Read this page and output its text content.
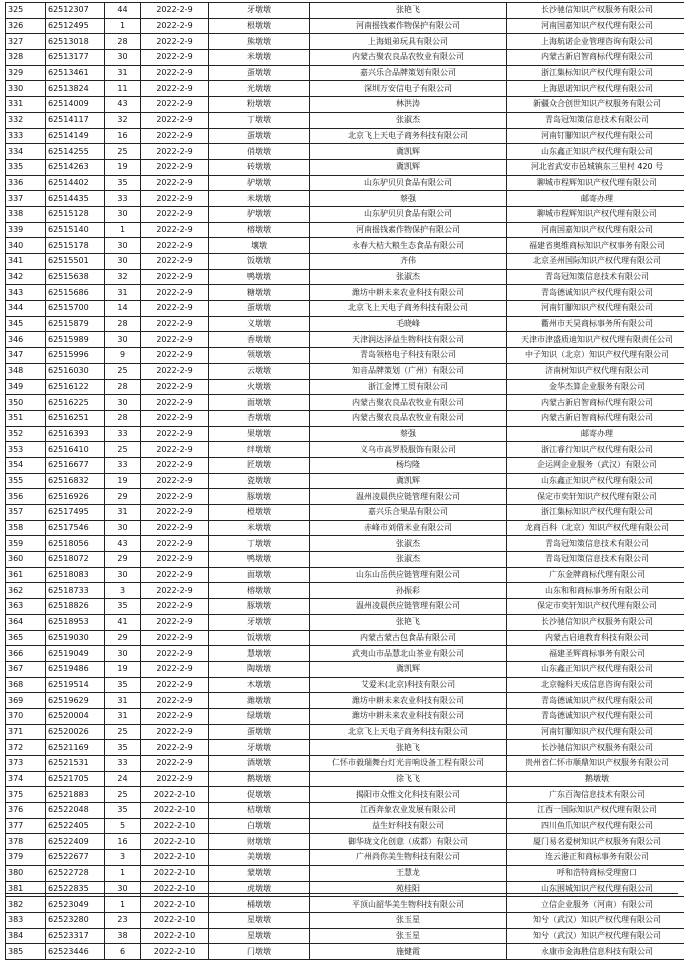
325	62512307	44	2022-2-9	牙墩墩	张艳飞	长沙驰信知识产权服务有限公司
326	62512495	1	2022-2-9	根墩墩	河南摇钱素作物保护有限公司	河南国嘉知识产权代理有限公司
327	62513018	28	2022-2-9	熊墩墩	上海姐弟玩具有限公司	上海航诺企业管理咨询有限公司
328	62513177	30	2022-2-9	米墩墩	内蒙古聚农良品农牧业有限公司	内蒙古新启智商标代理有限公司
329	62513461	31	2022-2-9	蛋墩墩	嘉兴乐合品牌策划有限公司	浙江集标知识产权代理有限公司
330	62513824	11	2022-2-9	光墩墩	深圳万安信电子有限公司	上海恩诺知识产权代理有限公司
331	62514009	43	2022-2-9	粉墩墩	林洪涛	新疆众合创世知识产权服务有限公司
332	62514117	32	2022-2-9	丁墩墩	张淑杰	青岛冠知策信息技术有限公司
333	62514149	16	2022-2-9	蛋墩墩	北京飞上天电子商务科技有限公司	河南钉腳知识产权代理有限公司
334	62514255	25	2022-2-9	俏墩墩	冀凯辉	山东鑫正知识产权代理有限公司
335	62514263	19	2022-2-9	砖墩墩	冀凯辉	河北省武安市邑城镇东三里村 420 号
336	62514402	35	2022-2-9	驴墩墩	山东驴贝贝食品有限公司	聊城市程辉知识产权代理有限公司
337	62514435	33	2022-2-9	米墩墩	蔡强	邮寄办理
338	62515128	30	2022-2-9	驴墩墩	山东驴贝贝食品有限公司	聊城市程辉知识产权代理有限公司
339	62515140	1	2022-2-9	榕墩墩	河南摇钱素作物保护有限公司	河南国嘉知识产权代理有限公司
340	62515178	30	2022-2-9	壤墩	永春大桔大粮生态食品有限公司	福建省奥维商标知识产权事务有限公司
341	62515501	30	2022-2-9	饭墩墩	齐伟	北京圣州国际知识产权代理有限公司
342	62515638	32	2022-2-9	鸭墩墩	张淑杰	青岛冠知策信息技术有限公司
343	62515686	31	2022-2-9	糖墩墩	潍坊中耕未来农业科技有限公司	青岛德诚知识产权代理有限公司
344	62515700	14	2022-2-9	蛋墩墩	北京飞上天电子商务科技有限公司	河南钉腳知识产权代理有限公司
345	62515879	28	2022-2-9	义墩墩	毛晓峰	衢州市天昊商标事务所有限公司
346	62515989	30	2022-2-9	香墩墩	天津润达泽益生物科技有限公司	天津市津盛质迪知识产权代理有限责任公司
347	62515996	9	2022-2-9	领墩墩	青岛领格电子科技有限公司	中子知识（北京）知识产权代理有限公司
348	62516030	25	2022-2-9	云墩墩	知音品牌策划（广州）有限公司	济南树知识产权代理有限公司
349	62516122	28	2022-2-9	火墩墩	浙江金博工贸有限公司	金华杰算企业服务有限公司
350	62516225	30	2022-2-9	面墩墩	内蒙古聚农良品农牧业有限公司	内蒙古新启智商标代理有限公司
351	62516251	28	2022-2-9	杏墩墩	内蒙古聚农良品农牧业有限公司	内蒙古新启智商标代理有限公司
352	62516393	33	2022-2-9	果墩墩	蔡强	邮寄办理
353	62516410	25	2022-2-9	绊墩墩	义乌市高罗股服饰有限公司	浙江睿行知识产权代理有限公司
354	62516677	33	2022-2-9	匠墩墩	杨均隆	企运网企业服务（武汉）有限公司
355	62516832	19	2022-2-9	瓷墩墩	冀凯辉	山东鑫正知识产权代理有限公司
356	62516926	29	2022-2-9	豚墩墩	温州凌晨供应链管理有限公司	保定市奕轩知识产权代理有限公司
357	62517495	31	2022-2-9	橙墩墩	嘉兴乐合果品有限公司	浙江集标知识产权代理有限公司
358	62517546	30	2022-2-9	米墩墩	赤峰市刘借米业有限公司	龙商百科（北京）知识产权代理有限公司
359	62518056	43	2022-2-9	丁墩墩	张淑杰	青岛冠知策信息技术有限公司
360	62518072	29	2022-2-9	鸭墩墩	张淑杰	青岛冠知策信息技术有限公司
361	62518083	30	2022-2-9	面墩墩	山东山岳供应链管理有限公司	广东金牌商标代理有限公司
362	62518733	3	2022-2-9	榕墩墩	孙振彩	山东和和商标事务所有限公司
363	62518826	35	2022-2-9	豚墩墩	温州凌晨供应链管理有限公司	保定市奕轩知识产权代理有限公司
364	62518953	41	2022-2-9	牙墩墩	张艳飞	长沙驰信知识产权服务有限公司
365	62519030	29	2022-2-9	饭墩墩	内蒙古蒙古包食品有限公司	内蒙古启迪教育科技有限公司
366	62519049	30	2022-2-9	慧墩墩	武夷山市品慧北山茶业有限公司	福建圣辉商标事务有限公司
367	62519486	19	2022-2-9	陶墩墩	冀凯辉	山东鑫正知识产权代理有限公司
368	62519514	35	2022-2-9	木墩墩	艾爱米(北京)科技有限公司	北京翰科天成信息咨询有限公司
369	62519629	31	2022-2-9	潍墩墩	潍坊中耕未来农业科技有限公司	青岛德诚知识产权代理有限公司
370	62520004	31	2022-2-9	绿墩墩	潍坊中耕未来农业科技有限公司	青岛德诚知识产权代理有限公司
371	62520026	25	2022-2-9	蛋墩墩	北京飞上天电子商务科技有限公司	河南钉腳知识产权代理有限公司
372	62521169	35	2022-2-9	牙墩墩	张艳飞	长沙驰信知识产权服务有限公司
373	62521531	33	2022-2-9	酒墩墩	仁怀市毅瑞舞台灯光音响设备工程有限公司	贵州省仁怀市顺鼎知识产权服务有限公司
374	62521705	24	2022-2-9	鹅墩墩	徐飞飞	鹅墩墩
375	62521883	25	2022-2-10	促墩墩	揭阳市众惟文化科技有限公司	广东百淘信息技术有限公司
376	62522048	35	2022-2-10	桔墩墩	江西奔象农业发展有限公司	江西一国际知识产权代理有限公司
377	62522405	5	2022-2-10	白墩墩	益生好科技有限公司	四川鱼爪知识产权代理有限公司
378	62522409	16	2022-2-10	财墩墩	御华珑文化创意（成都）有限公司	厦门易名爱树知识产权服务有限公司
379	62522677	3	2022-2-10	美墩墩	广州尚你美生物科技有限公司	连云港正和商标事务有限公司
380	62522728	1	2022-2-10	蒙墩墩	王慧龙	呼和浩特商标受理窗口
381	62522835	30	2022-2-10	虎墩墩	苑桂阳	山东围城知识产权代理有限公司
382	62523049	1	2022-2-10	桶墩墩	平顶山韶华美生物科技有限公司	立信企业服务（河南）有限公司
383	62523280	23	2022-2-10	星墩墩	张玉星	知兮（武汉）知识产权代理有限公司
384	62523317	38	2022-2-10	星墩墩	张玉星	知兮（武汉）知识产权代理有限公司
385	62523446	6	2022-2-10	门墩墩	施健霞	永康市金海胜信息科技有限公司
